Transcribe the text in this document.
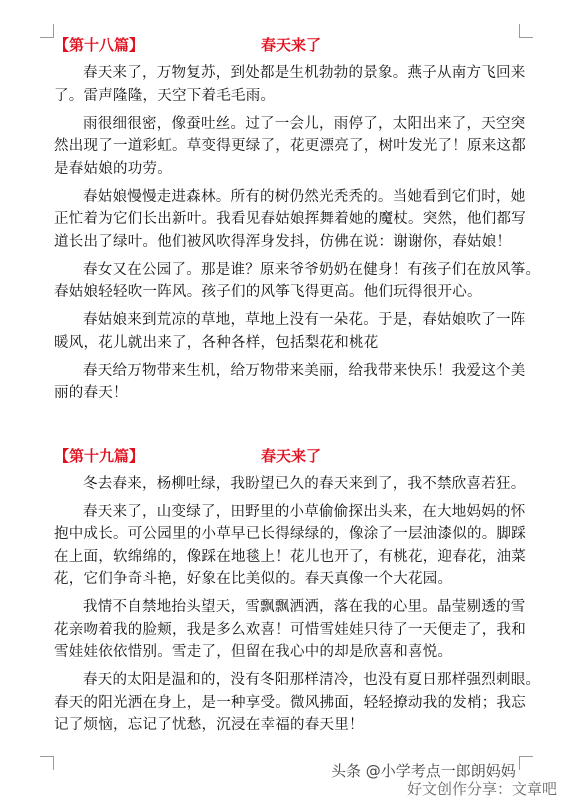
【第十八篇】	春天来了
春天来了，万物复苏，到处都是生机勃勃的景象。燕子从南方飞回来
了。雷声隆隆，天空下着毛毛雨。
雨很细很密，像蚕吐丝。过了一会儿，雨停了，太阳出来了，天空突
然出现了一道彩虹。草变得更绿了，花更漂亮了，树叶发光了！原来这都
是春姑娘的功劳。
春姑娘慢慢走进森林。所有的树仍然光秃秃的。当她看到它们时，她
正忙着为它们长出新叶。我看见春姑娘挥舞着她的魔杖。突然，他们都写
道长出了绿叶。他们被风吹得浑身发抖，仿佛在说：谢谢你，春姑娘！
春女又在公园了。那是谁？原来爷爷奶奶在健身！有孩子们在放风筝。
春姑娘轻轻吹一阵风。孩子们的风筝飞得更高。他们玩得很开心。
春姑娘来到荒凉的草地，草地上没有一朵花。于是，春姑娘吹了一阵
暖风，花儿就出来了，各种各样，包括梨花和桃花
春天给万物带来生机，给万物带来美丽，给我带来快乐！我爱这个美
丽的春天！
【第十九篇】	春天来了
冬去春来，杨柳吐绿，我盼望已久的春天来到了，我不禁欣喜若狂。
春天来了，山变绿了，田野里的小草偷偷探出头来，在大地妈妈的怀
抱中成长。可公园里的小草早已长得绿绿的，像涂了一层油漆似的。脚踩
在上面，软绵绵的，像踩在地毯上！花儿也开了，有桃花，迎春花，油菜
花，它们争奇斗艳，好象在比美似的。春天真像一个大花园。
我情不自禁地抬头望天，雪飘飘洒洒，落在我的心里。晶莹剔透的雪
花亲吻着我的脸颊，我是多么欢喜！可惜雪娃娃只待了一天便走了，我和
雪娃娃依依惜别。雪走了，但留在我心中的却是欣喜和喜悦。
春天的太阳是温和的，没有冬阳那样清冷，也没有夏日那样强烈刺眼。
春天的阳光洒在身上，是一种享受。微风拂面，轻轻撩动我的发梢；我忘
记了烦恼，忘记了忧愁，沉浸在幸福的春天里！
头条 @小学考点一郎朗妈妈
好文创作分享：文章吧
